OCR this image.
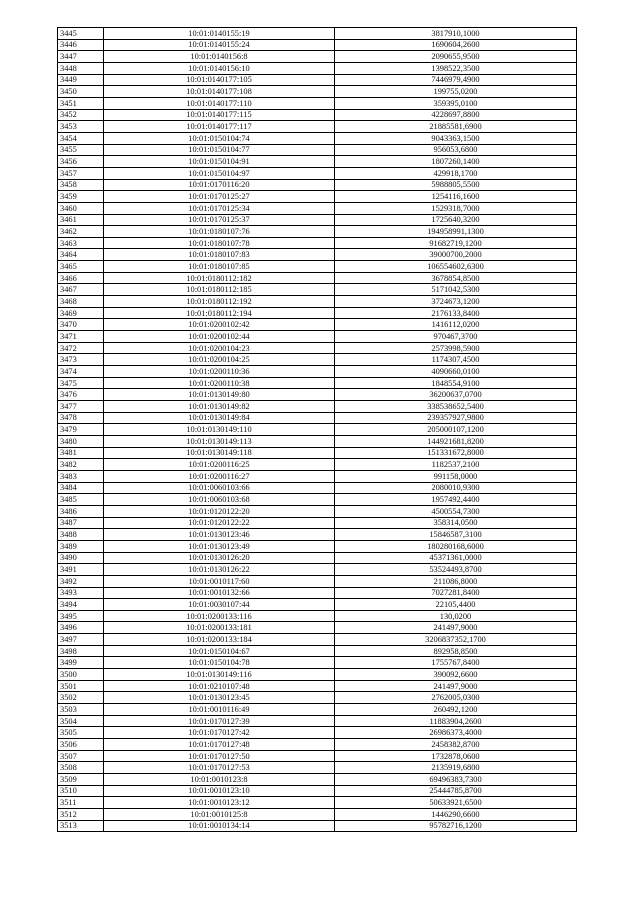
3445	10:01:0140155:19	3817910,1000
3446	10:01:0140155:24	1690604,2600
3447	10:01:0140156:8	2090655,9500
3448	10:01:0140156:10	1398522,3500
3449	10:01:0140177:105	7446979,4900
3450	10:01:0140177:108	199755,0200
3451	10:01:0140177:110	359395,0100
3452	10:01:0140177:115	4228697,8800
3453	10:01:0140177:117	21885581,6900
3454	10:01:0150104:74	9043363,1500
3455	10:01:0150104:77	956053,6800
3456	10:01:0150104:91	1807260,1400
3457	10:01:0150104:97	429918,1700
3458	10:01:0170116:20	5988805,5500
3459	10:01:0170125:27	1254116,1600
3460	10:01:0170125:34	1529318,7000
3461	10:01:0170125:37	1725640,3200
3462	10:01:0180107:76	194958991,1300
3463	10:01:0180107:78	91682719,1200
3464	10:01:0180107:83	39000700,2000
3465	10:01:0180107:85	106554602,6300
3466	10:01:0180112:182	3678854,8500
3467	10:01:0180112:185	5171042,5300
3468	10:01:0180112:192	3724673,1200
3469	10:01:0180112:194	2176133,8400
3470	10:01:0200102:42	1416112,0200
3471	10:01:0200102:44	970467,3700
3472	10:01:0200104:23	2573998,5900
3473	10:01:0200104:25	1174307,4500
3474	10:01:0200110:36	4090660,0100
3475	10:01:0200110:38	1848554,9100
3476	10:01:0130149:80	36200637,0700
3477	10:01:0130149:82	338538652,5400
3478	10:01:0130149:84	239357927,9800
3479	10:01:0130149:110	205000107,1200
3480	10:01:0130149:113	144921681,8200
3481	10:01:0130149:118	151331672,8000
3482	10:01:0200116:25	1182537,2100
3483	10:01:0200116:27	991158,0000
3484	10:01:0060103:66	2080010,9300
3485	10:01:0060103:68	1957492,4400
3486	10:01:0120122:20	4500554,7300
3487	10:01:0120122:22	358314,0500
3488	10:01:0130123:46	15846587,3100
3489	10:01:0130123:49	180280168,6000
3490	10:01:0130126:20	45371361,0000
3491	10:01:0130126:22	53524493,8700
3492	10:01:0010117:60	211086,8000
3493	10:01:0010132:66	7027281,8400
3494	10:01:0030107:44	22105,4400
3495	10:01:0200133:116	130,0200
3496	10:01:0200133:181	241497,9000
3497	10:01:0200133:184	3206837352,1700
3498	10:01:0150104:67	892958,8500
3499	10:01:0150104:78	1755767,8400
3500	10:01:0130149:116	390092,6600
3501	10:01:0210107:48	241497,9000
3502	10:01:0130123:45	2762005,0300
3503	10:01:0010116:49	260492,1200
3504	10:01:0170127:39	11883904,2600
3505	10:01:0170127:42	26986373,4000
3506	10:01:0170127:48	2458382,8700
3507	10:01:0170127:50	1732878,0600
3508	10:01:0170127:53	2135919,6800
3509	10:01:0010123:8	69496383,7300
3510	10:01:0010123:10	25444785,8700
3511	10:01:0010123:12	50633921,6500
3512	10:01:0010125:8	1446290,6600
3513	10:01:0010134:14	95782716,1200
